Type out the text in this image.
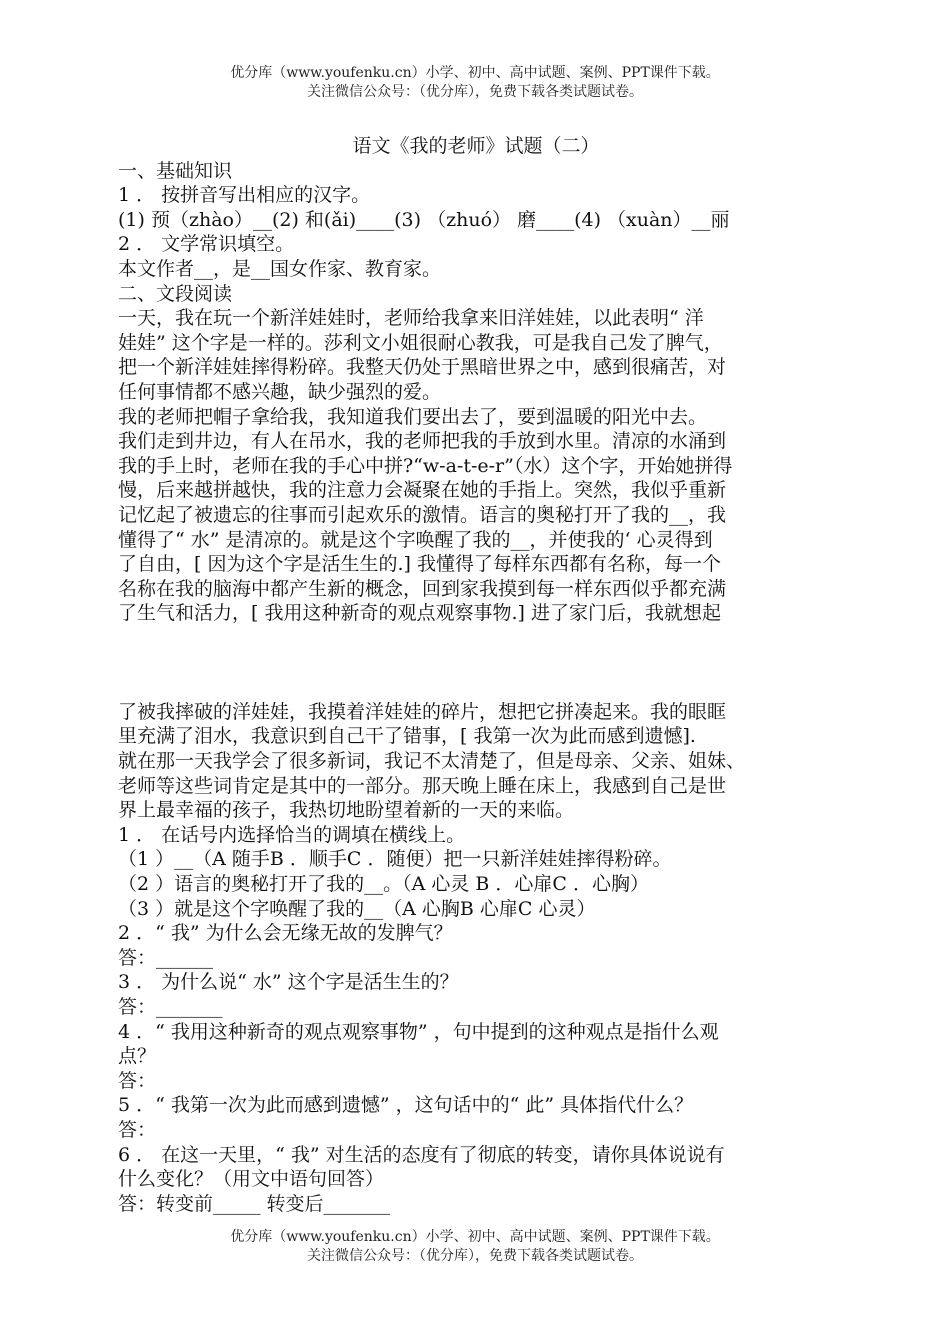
优分库（www.youfenku.cn）小学、初中、高中试题、案例、PPT课件下载。
关注微信公众号：（优分库），免费下载各类试题试卷。
语文《我的老师》试题（二）
一、基础知识
1 ． 按拼音写出相应的汉字。
(1) 预（zhào）__(2) 和(ǎi)____(3) （zhuó） 磨____(4) （xuàn）__丽
2 ． 文学常识填空。
本文作者__，是__国女作家、教育家。
二、文段阅读
一天，我在玩一个新洋娃娃时，老师给我拿来旧洋娃娃，以此表明“ 洋
娃娃” 这个字是一样的。莎利文小姐很耐心教我，可是我自己发了脾气，
把一个新洋娃娃摔得粉碎。我整天仍处于黑暗世界之中，感到很痛苦，对
任何事情都不感兴趣，缺少强烈的爱。
我的老师把帽子拿给我，我知道我们要出去了，要到温暖的阳光中去。
我们走到井边，有人在吊水，我的老师把我的手放到水里。清凉的水涌到
我的手上时，老师在我的手心中拼?“w-a-t-e-r”（水）这个字，开始她拼得
慢，后来越拼越快，我的注意力会凝聚在她的手指上。突然，我似乎重新
记忆起了被遗忘的往事而引起欢乐的激情。语言的奥秘打开了我的__，我
懂得了“ 水” 是清凉的。就是这个字唤醒了我的__，并使我的‘ 心灵得到
了自由，[ 因为这个字是活生生的.] 我懂得了每样东西都有名称，每一个
名称在我的脑海中都产生新的概念，回到家我摸到每一样东西似乎都充满
了生气和活力，[ 我用这种新奇的观点观察事物.] 进了家门后，我就想起
了被我摔破的洋娃娃，我摸着洋娃娃的碎片，想把它拼凑起来。我的眼眶
里充满了泪水，我意识到自己干了错事，[ 我第一次为此而感到遗憾].
就在那一天我学会了很多新词，我记不太清楚了，但是母亲、父亲、姐妹、
老师等这些词肯定是其中的一部分。那天晚上睡在床上，我感到自己是世
界上最幸福的孩子，我热切地盼望着新的一天的来临。
1 ． 在话号内选择恰当的调填在横线上。
（1 ）__（A 随手B ．顺手C ．随便）把一只新洋娃娃摔得粉碎。
（2 ）语言的奥秘打开了我的__。（A 心灵 B ．心扉C ．心胸）
（3 ）就是这个字唤醒了我的__（A 心胸B 心扉C 心灵）
2 ．“ 我” 为什么会无缘无故的发脾气？
答：______
3 ． 为什么说“ 水” 这个字是活生生的？
答：_______
4 ．“ 我用这种新奇的观点观察事物” ，句中提到的这种观点是指什么观
点？
答：
5 ．“ 我第一次为此而感到遗憾” ，这句话中的“ 此” 具体指代什么？
答：
6 ． 在这一天里，“ 我” 对生活的态度有了彻底的转变，请你具体说说有
什么变化？（用文中语句回答）
答：转变前_____ 转变后_______
优分库（www.youfenku.cn）小学、初中、高中试题、案例、PPT课件下载。
关注微信公众号：（优分库），免费下载各类试题试卷。
